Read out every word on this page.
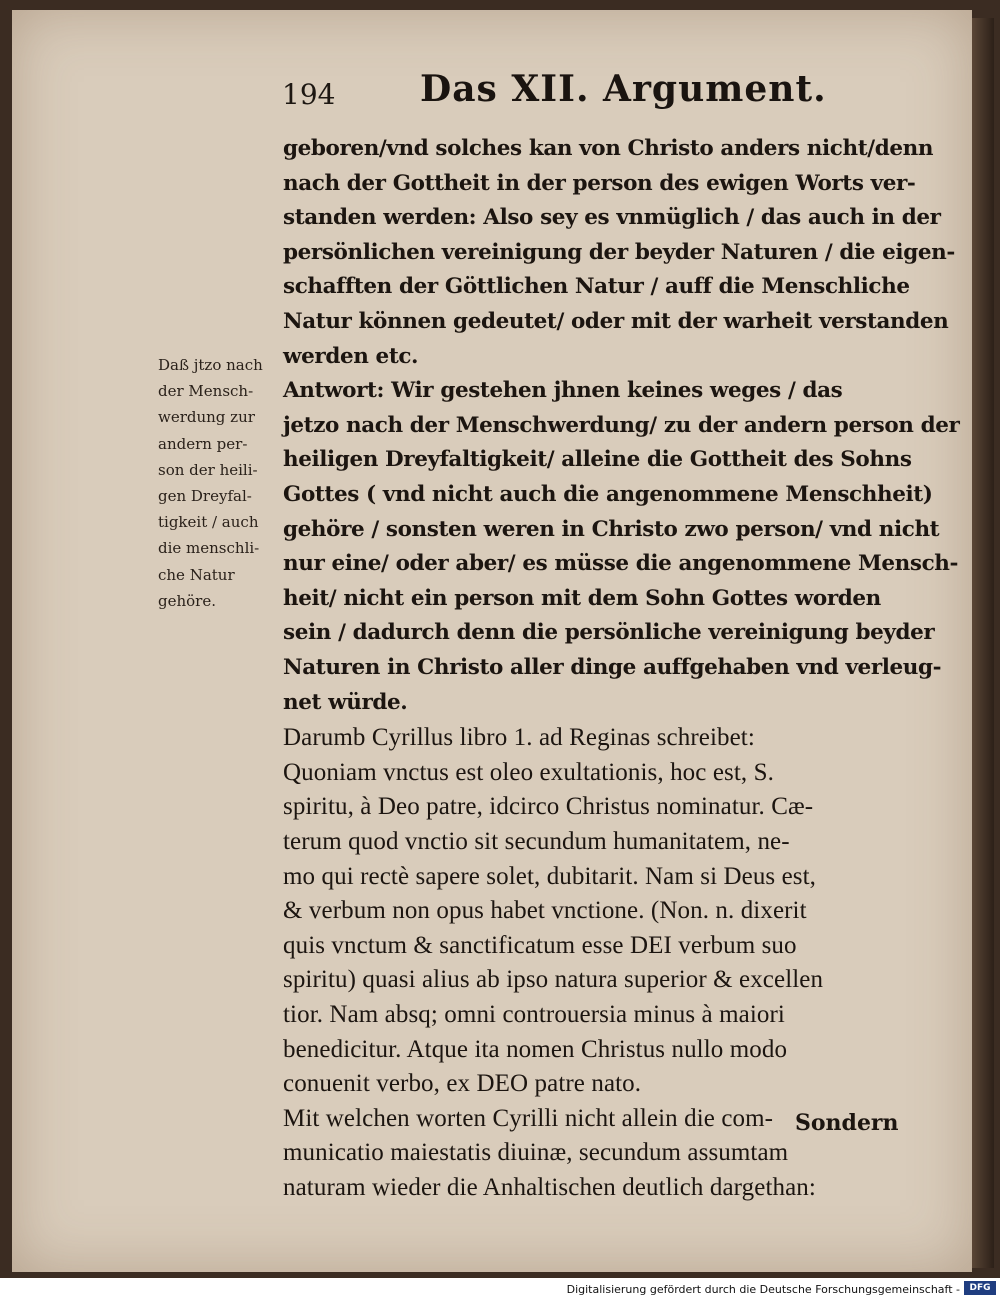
194 Das XII. Argument.
Daß jtzo nach
der Mensch-
werdung zur
andern per-
son der heili-
gen Dreyfal-
tigkeit / auch
die menschli-
che Natur
gehöre.
geboren/vnd solches kan von Christo anders nicht/denn
nach der Gottheit in der person des ewigen Worts ver-
standen werden: Also sey es vnmüglich / das auch in der
persönlichen vereinigung der beyder Naturen / die eigen-
schafften der Göttlichen Natur / auff die Menschliche
Natur können gedeutet/ oder mit der warheit verstanden
werden etc.
Antwort: Wir gestehen jhnen keines weges / das
jetzo nach der Menschwerdung/ zu der andern person der
heiligen Dreyfaltigkeit/ alleine die Gottheit des Sohns
Gottes ( vnd nicht auch die angenommene Menschheit)
gehöre / sonsten weren in Christo zwo person/ vnd nicht
nur eine/ oder aber/ es müsse die angenommene Mensch-
heit/ nicht ein person mit dem Sohn Gottes worden
sein / dadurch denn die persönliche vereinigung beyder
Naturen in Christo aller dinge auffgehaben vnd verleug-
net würde.
Darumb Cyrillus libro 1. ad Reginas schreibet:
Quoniam vnctus est oleo exultationis, hoc est, S.
spiritu, à Deo patre, idcirco Christus nominatur. Cæ-
terum quod vnctio sit secundum humanitatem, ne-
mo qui rectè sapere solet, dubitarit. Nam si Deus est,
& verbum non opus habet vnctione. (Non. n. dixerit
quis vnctum & sanctificatum esse DEI verbum suo
spiritu) quasi alius ab ipso natura superior & excellen
tior. Nam absq; omni controuersia minus à maiori
benedicitur. Atque ita nomen Christus nullo modo
conuenit verbo, ex DEO patre nato.
Mit welchen worten Cyrilli nicht allein die com-
municatio maiestatis diuinæ, secundum assumtam
naturam wieder die Anhaltischen deutlich dargethan:
Sondern
Digitalisierung gefördert durch die Deutsche Forschungsgemeinschaft -	DFG
